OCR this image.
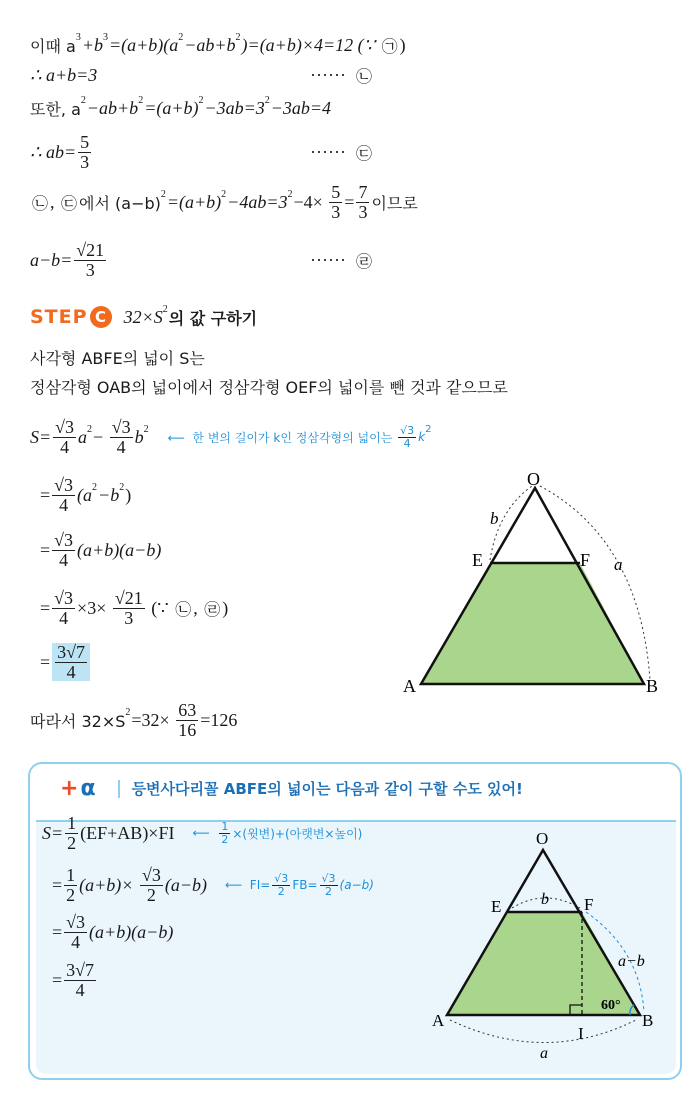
이때 a 3 +b 3 =(a+b)(a 2 −ab+b 2 )=(a+b)×4=12 (∵ ㉠ )
∴ a+b=3
또한, a 2 −ab+b 2 =(a+b) 2 −3ab=3 2 −3ab=4
∴ $ab= \frac{5}{3}$
㉡ , ㉢ 에서 (a−b) 2 =(a+b) 2 −4ab=3 $2 -4\times \frac{5}{3} = \frac{7}{3}$ 이므로
$a-b= \frac{√21}{3}$
STEP C 32×S 2 의 값 구하기
사각형 ABFE의 넓이 S는
정삼각형 OAB의 넓이에서 정삼각형 OEF의 넓이를 뺀 것과 같으므로
$S= \frac{√3}{4}$ a $2 - \frac{√3}{4}$ b 2
⟵  한 변의 길이가 k인 정삼각형의 넓이는 $\frac{√3}{4}$ k
2
= $\frac{√3}{4} (a$ 2 −b 2 )
= $\frac{√3}{4} (a+b)(a-b)$
= $\frac{√3}{4} \times 3\times \frac{√21}{3}$ (∵ ㉡ , ㉣ )
= $\frac{3√7}{4}$
따라서 32×S $2 =32\times \frac{63}{16} =126$
O
A	B
E	F
b
a
+ α 등변사다리꼴 ABFE의 넓이는 다음과 같이 구할 수도 있어!
$S= \frac{1}{2} (EF+AB)\times FI$ ⟵ $\frac{1}{2}$ ×(윗변)+(아랫변×높이)
= $\frac{1}{2} (a+b)\times \frac{√3}{2} (a-b)$ ⟵  $FI= \frac{√3}{2} FB= \frac{√3}{2} (a-b)$
= $\frac{√3}{4} (a+b)(a-b)$
= $\frac{3√7}{4}$
O
A	B
E	F
I
b
a
a−b
60°
······ ㉡
······ ㉢
······ ㉣
